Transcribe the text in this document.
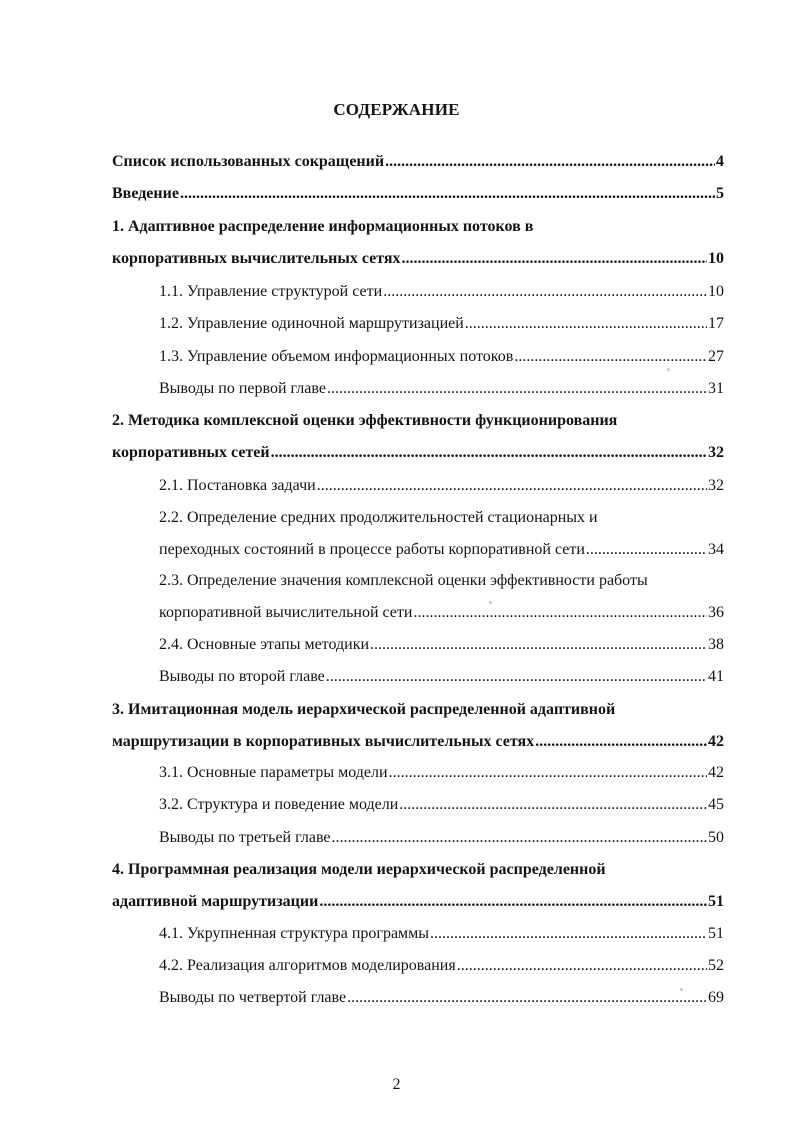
СОДЕРЖАНИЕ
Список использованных сокращений .....	4
Введение .....	5
1. Адаптивное распределение информационных потоков в
корпоративных вычислительных сетях .....	10
1.1. Управление структурой сети .....	10
1.2. Управление одиночной маршрутизацией .....	17
1.3. Управление объемом информационных потоков .....	27
Выводы по первой главе .....	31
2. Методика комплексной оценки эффективности функционирования
корпоративных сетей .....	32
2.1. Постановка задачи .....	32
2.2. Определение средних продолжительностей стационарных и
переходных состояний в процессе работы корпоративной сети .....	34
2.3. Определение значения комплексной оценки эффективности работы
корпоративной вычислительной сети .....	36
2.4. Основные этапы методики .....	38
Выводы по второй главе .....	41
3. Имитационная модель иерархической распределенной адаптивной
маршрутизации в корпоративных вычислительных сетях .....	42
3.1. Основные параметры модели .....	42
3.2. Структура и поведение модели .....	45
Выводы по третьей главе .....	50
4. Программная реализация модели иерархической распределенной
адаптивной маршрутизации .....	51
4.1. Укрупненная структура программы .....	51
4.2. Реализация алгоритмов моделирования .....	52
Выводы по четвертой главе .....	69
2
